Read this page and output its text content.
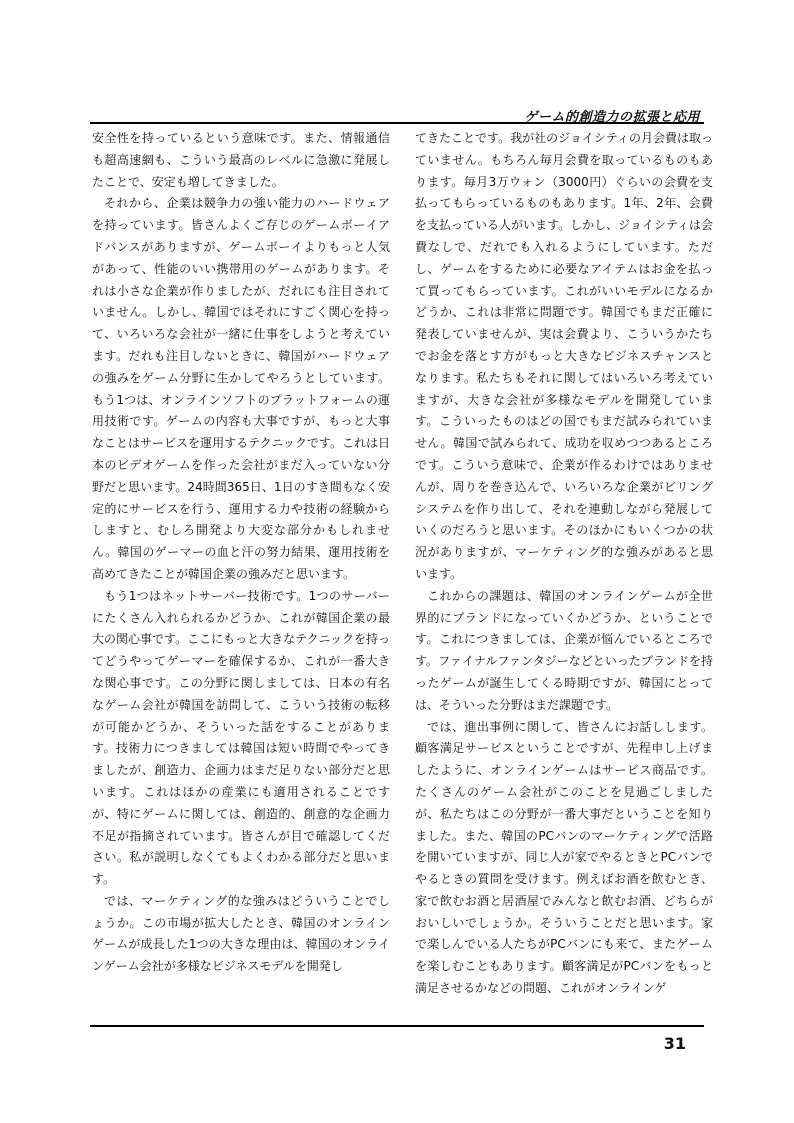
ゲーム的創造力の拡張と応用

安全性を持っているという意味です。また、情報通信も超高速網も、こういう最高のレベルに急激に発展したことで、安定も増してきました。

それから、企業は競争力の強い能力のハードウェアを持っています。皆さんよくご存じのゲームボーイアドバンスがありますが、ゲームボーイよりもっと人気があって、性能のいい携帯用のゲームがあります。それは小さな企業が作りましたが、だれにも注目されていません。しかし、韓国ではそれにすごく関心を持って、いろいろな会社が一緒に仕事をしようと考えています。だれも注目しないときに、韓国がハードウェアの強みをゲーム分野に生かしてやろうとしています。もう1つは、オンラインソフトのプラットフォームの運用技術です。ゲームの内容も大事ですが、もっと大事なことはサービスを運用するテクニックです。これは日本のビデオゲームを作った会社がまだ入っていない分野だと思います。24時間365日、1日のすき間もなく安定的にサービスを行う、運用する力や技術の経験からしますと、むしろ開発より大変な部分かもしれません。韓国のゲーマーの血と汗の努力結果、運用技術を高めてきたことが韓国企業の強みだと思います。

もう1つはネットサーバー技術です。1つのサーバーにたくさん入れられるかどうか、これが韓国企業の最大の関心事です。ここにもっと大きなテクニックを持ってどうやってゲーマーを確保するか、これが一番大きな関心事です。この分野に関しましては、日本の有名なゲーム会社が韓国を訪問して、こういう技術の転移が可能かどうか、そういった話をすることがあります。技術力につきましては韓国は短い時間でやってきましたが、創造力、企画力はまだ足りない部分だと思います。これはほかの産業にも適用されることですが、特にゲームに関しては、創造的、創意的な企画力不足が指摘されています。皆さんが目で確認してください。私が説明しなくてもよくわかる部分だと思います。

では、マーケティング的な強みはどういうことでしょうか。この市場が拡大したとき、韓国のオンラインゲームが成長した1つの大きな理由は、韓国のオンラインゲーム会社が多様なビジネスモデルを開発し

てきたことです。我が社のジョイシティの月会費は取っていません。もちろん毎月会費を取っているものもあります。毎月3万ウォン（3000円）ぐらいの会費を支払ってもらっているものもあります。1年、2年、会費を支払っている人がいます。しかし、ジョイシティは会費なしで、だれでも入れるようにしています。ただし、ゲームをするために必要なアイテムはお金を払って買ってもらっています。これがいいモデルになるかどうか、これは非常に問題です。韓国でもまだ正確に発表していませんが、実は会費より、こういうかたちでお金を落とす方がもっと大きなビジネスチャンスとなります。私たちもそれに関してはいろいろ考えていますが、大きな会社が多様なモデルを開発しています。こういったものはどの国でもまだ試みられていません。韓国で試みられて、成功を収めつつあるところです。こういう意味で、企業が作るわけではありませんが、周りを巻き込んで、いろいろな企業がビリングシステムを作り出して、それを連動しながら発展していくのだろうと思います。そのほかにもいくつかの状況がありますが、マーケティング的な強みがあると思います。

これからの課題は、韓国のオンラインゲームが全世界的にブランドになっていくかどうか、ということです。これにつきましては、企業が悩んでいるところです。ファイナルファンタジーなどといったブランドを持ったゲームが誕生してくる時期ですが、韓国にとっては、そういった分野はまだ課題です。

では、進出事例に関して、皆さんにお話しします。顧客満足サービスということですが、先程申し上げましたように、オンラインゲームはサービス商品です。たくさんのゲーム会社がこのことを見過ごしましたが、私たちはこの分野が一番大事だということを知りました。また、韓国のPCバンのマーケティングで活路を開いていますが、同じ人が家でやるときとPCバンでやるときの質問を受けます。例えばお酒を飲むとき、家で飲むお酒と居酒屋でみんなと飲むお酒、どちらがおいしいでしょうか。そういうことだと思います。家で楽しんでいる人たちがPCバンにも来て、またゲームを楽しむこともあります。顧客満足がPCバンをもっと満足させるかなどの問題、これがオンラインゲ

31
